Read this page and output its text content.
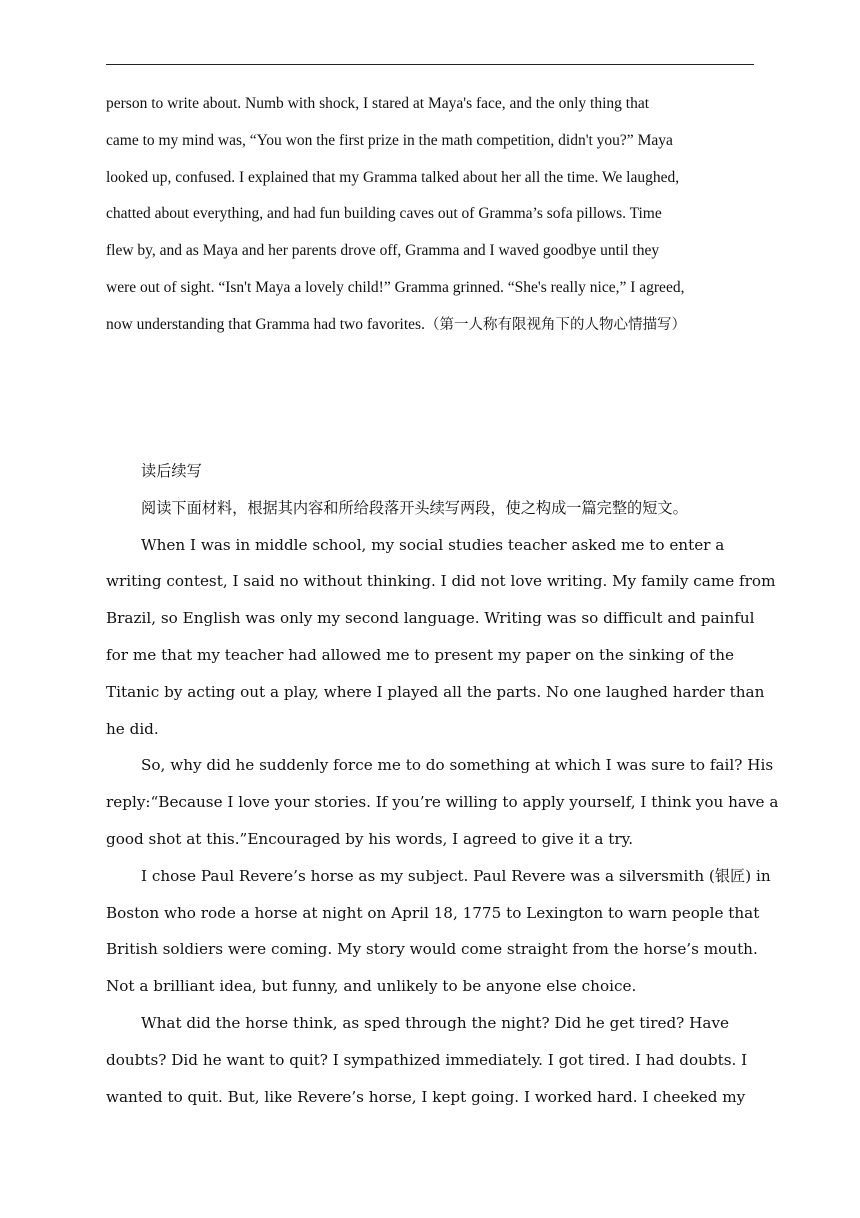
person to write about. Numb with shock, I stared at Maya's face, and the only thing that
came to my mind was, “You won the first prize in the math competition, didn't you?” Maya
looked up, confused. I explained that my Gramma talked about her all the time. We laughed,
chatted about everything, and had fun building caves out of Gramma’s sofa pillows. Time
flew by, and as Maya and her parents drove off, Gramma and I waved goodbye until they
were out of sight. “Isn't Maya a lovely child!” Gramma grinned. “She's really nice,” I agreed,
now understanding that Gramma had two favorites.（第一人称有限视角下的人物心情描写）
读后续写
阅读下面材料，根据其内容和所给段落开头续写两段，使之构成一篇完整的短文。
When I was in middle school, my social studies teacher asked me to enter a
writing contest, I said no without thinking. I did not love writing. My family came from
Brazil, so English was only my second language. Writing was so difficult and painful
for me that my teacher had allowed me to present my paper on the sinking of the
Titanic by acting out a play, where I played all the parts. No one laughed harder than
he did.
So, why did he suddenly force me to do something at which I was sure to fail? His
reply:“Because I love your stories. If you’re willing to apply yourself, I think you have a
good shot at this.”Encouraged by his words, I agreed to give it a try.
I chose Paul Revere’s horse as my subject. Paul Revere was a silversmith (银匠) in
Boston who rode a horse at night on April 18, 1775 to Lexington to warn people that
British soldiers were coming. My story would come straight from the horse’s mouth.
Not a brilliant idea, but funny, and unlikely to be anyone else choice.
What did the horse think, as sped through the night? Did he get tired? Have
doubts? Did he want to quit? I sympathized immediately. I got tired. I had doubts. I
wanted to quit. But, like Revere’s horse, I kept going. I worked hard. I cheeked my
